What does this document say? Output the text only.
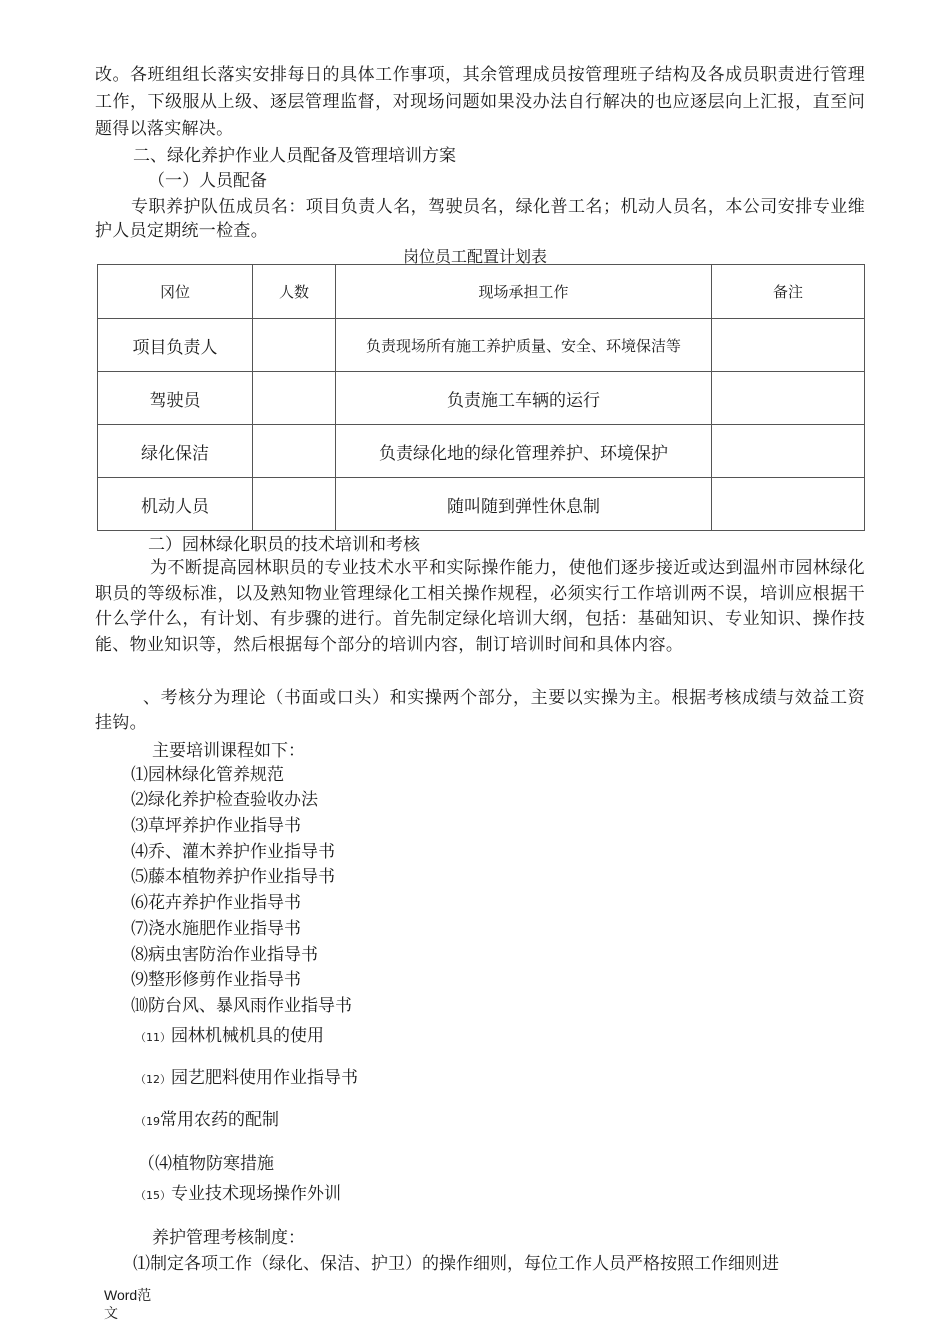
改。各班组组长落实安排每日的具体工作事项，其余管理成员按管理班子结构及各成员职责进行管理工作，下级服从上级、逐层管理监督，对现场问题如果没办法自行解决的也应逐层向上汇报，直至问题得以落实解决。
二、绿化养护作业人员配备及管理培训方案
（一）人员配备
专职养护队伍成员名：项目负责人名，驾驶员名，绿化普工名；机动人员名，本公司安排专业维护人员定期统一检查。
岗位员工配置计划表
冈位	人数	现场承担工作	备注
项目负责人		负责现场所有施工养护质量、安全、环境保洁等	
驾驶员		负责施工车辆的运行	
绿化保洁		负责绿化地的绿化管理养护、环境保护	
机动人员		随叫随到弹性休息制	
二）园林绿化职员的技术培训和考核
为不断提高园林职员的专业技术水平和实际操作能力，使他们逐步接近或达到温州市园林绿化职员的等级标准，以及熟知物业管理绿化工相关操作规程，必须实行工作培训两不误，培训应根据干什么学什么，有计划、有步骤的进行。首先制定绿化培训大纲，包括：基础知识、专业知识、操作技能、物业知识等，然后根据每个部分的培训内容，制订培训时间和具体内容。
、考核分为理论（书面或口头）和实操两个部分，主要以实操为主。根据考核成绩与效益工资挂钩。
主要培训课程如下：
⑴园林绿化管养规范
⑵绿化养护检查验收办法
⑶草坪养护作业指导书
⑷乔、灌木养护作业指导书
⑸藤本植物养护作业指导书
⑹花卉养护作业指导书
⑺浇水施肥作业指导书
⑻病虫害防治作业指导书
⑼整形修剪作业指导书
⑽防台风、暴风雨作业指导书
（11）园林机械机具的使用
（12）园艺肥料使用作业指导书
（19常用农药的配制
（⑷植物防寒措施
（15）专业技术现场操作外训
养护管理考核制度：
⑴制定各项工作（绿化、保洁、护卫）的操作细则，每位工作人员严格按照工作细则进
Word范
文
